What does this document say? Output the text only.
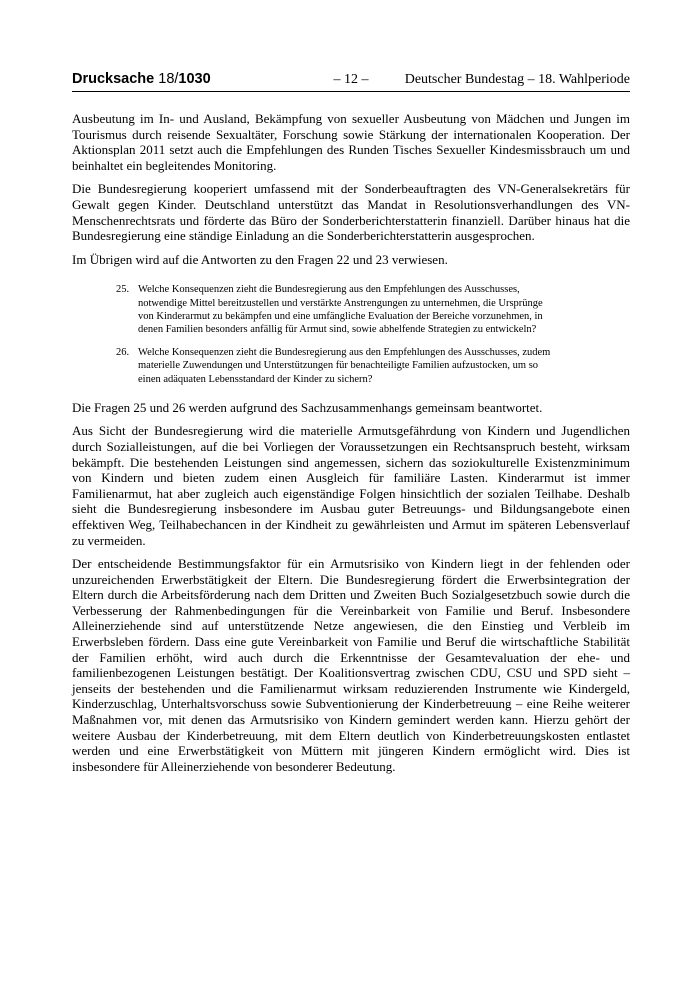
Drucksache 18/1030	– 12 –	Deutscher Bundestag – 18. Wahlperiode

Ausbeutung im In- und Ausland, Bekämpfung von sexueller Ausbeutung von Mädchen und Jungen im Tourismus durch reisende Sexualtäter, Forschung sowie Stärkung der internationalen Kooperation. Der Aktionsplan 2011 setzt auch die Empfehlungen des Runden Tisches Sexueller Kindesmissbrauch um und beinhaltet ein begleitendes Monitoring.

Die Bundesregierung kooperiert umfassend mit der Sonderbeauftragten des VN-Generalsekretärs für Gewalt gegen Kinder. Deutschland unterstützt das Mandat in Resolutionsverhandlungen des VN-Menschenrechtsrats und förderte das Büro der Sonderberichterstatterin finanziell. Darüber hinaus hat die Bundesregierung eine ständige Einladung an die Sonderberichterstatterin ausgesprochen.

Im Übrigen wird auf die Antworten zu den Fragen 22 und 23 verwiesen.

25. Welche Konsequenzen zieht die Bundesregierung aus den Empfehlungen des Ausschusses, notwendige Mittel bereitzustellen und verstärkte Anstrengungen zu unternehmen, die Ursprünge von Kinderarmut zu bekämpfen und eine umfängliche Evaluation der Bereiche vorzunehmen, in denen Familien besonders anfällig für Armut sind, sowie abhelfende Strategien zu entwickeln?
26. Welche Konsequenzen zieht die Bundesregierung aus den Empfehlungen des Ausschusses, zudem materielle Zuwendungen und Unterstützungen für benachteiligte Familien aufzustocken, um so einen adäquaten Lebensstandard der Kinder zu sichern?

Die Fragen 25 und 26 werden aufgrund des Sachzusammenhangs gemeinsam beantwortet.

Aus Sicht der Bundesregierung wird die materielle Armutsgefährdung von Kindern und Jugendlichen durch Sozialleistungen, auf die bei Vorliegen der Voraussetzungen ein Rechtsanspruch besteht, wirksam bekämpft. Die bestehenden Leistungen sind angemessen, sichern das soziokulturelle Existenzminimum von Kindern und bieten zudem einen Ausgleich für familiäre Lasten. Kinderarmut ist immer Familienarmut, hat aber zugleich auch eigenständige Folgen hinsichtlich der sozialen Teilhabe. Deshalb sieht die Bundesregierung insbesondere im Ausbau guter Betreuungs- und Bildungsangebote einen effektiven Weg, Teilhabechancen in der Kindheit zu gewährleisten und Armut im späteren Lebensverlauf zu vermeiden.

Der entscheidende Bestimmungsfaktor für ein Armutsrisiko von Kindern liegt in der fehlenden oder unzureichenden Erwerbstätigkeit der Eltern. Die Bundesregierung fördert die Erwerbsintegration der Eltern durch die Arbeitsförderung nach dem Dritten und Zweiten Buch Sozialgesetzbuch sowie durch die Verbesserung der Rahmenbedingungen für die Vereinbarkeit von Familie und Beruf. Insbesondere Alleinerziehende sind auf unterstützende Netze angewiesen, die den Einstieg und Verbleib im Erwerbsleben fördern. Dass eine gute Vereinbarkeit von Familie und Beruf die wirtschaftliche Stabilität der Familien erhöht, wird auch durch die Erkenntnisse der Gesamtevaluation der ehe- und familienbezogenen Leistungen bestätigt. Der Koalitionsvertrag zwischen CDU, CSU und SPD sieht – jenseits der bestehenden und die Familienarmut wirksam reduzierenden Instrumente wie Kindergeld, Kinderzuschlag, Unterhaltsvorschuss sowie Subventionierung der Kinderbetreuung – eine Reihe weiterer Maßnahmen vor, mit denen das Armutsrisiko von Kindern gemindert werden kann. Hierzu gehört der weitere Ausbau der Kinderbetreuung, mit dem Eltern deutlich von Kinderbetreuungskosten entlastet werden und eine Erwerbstätigkeit von Müttern mit jüngeren Kindern ermöglicht wird. Dies ist insbesondere für Alleinerziehende von besonderer Bedeutung.
